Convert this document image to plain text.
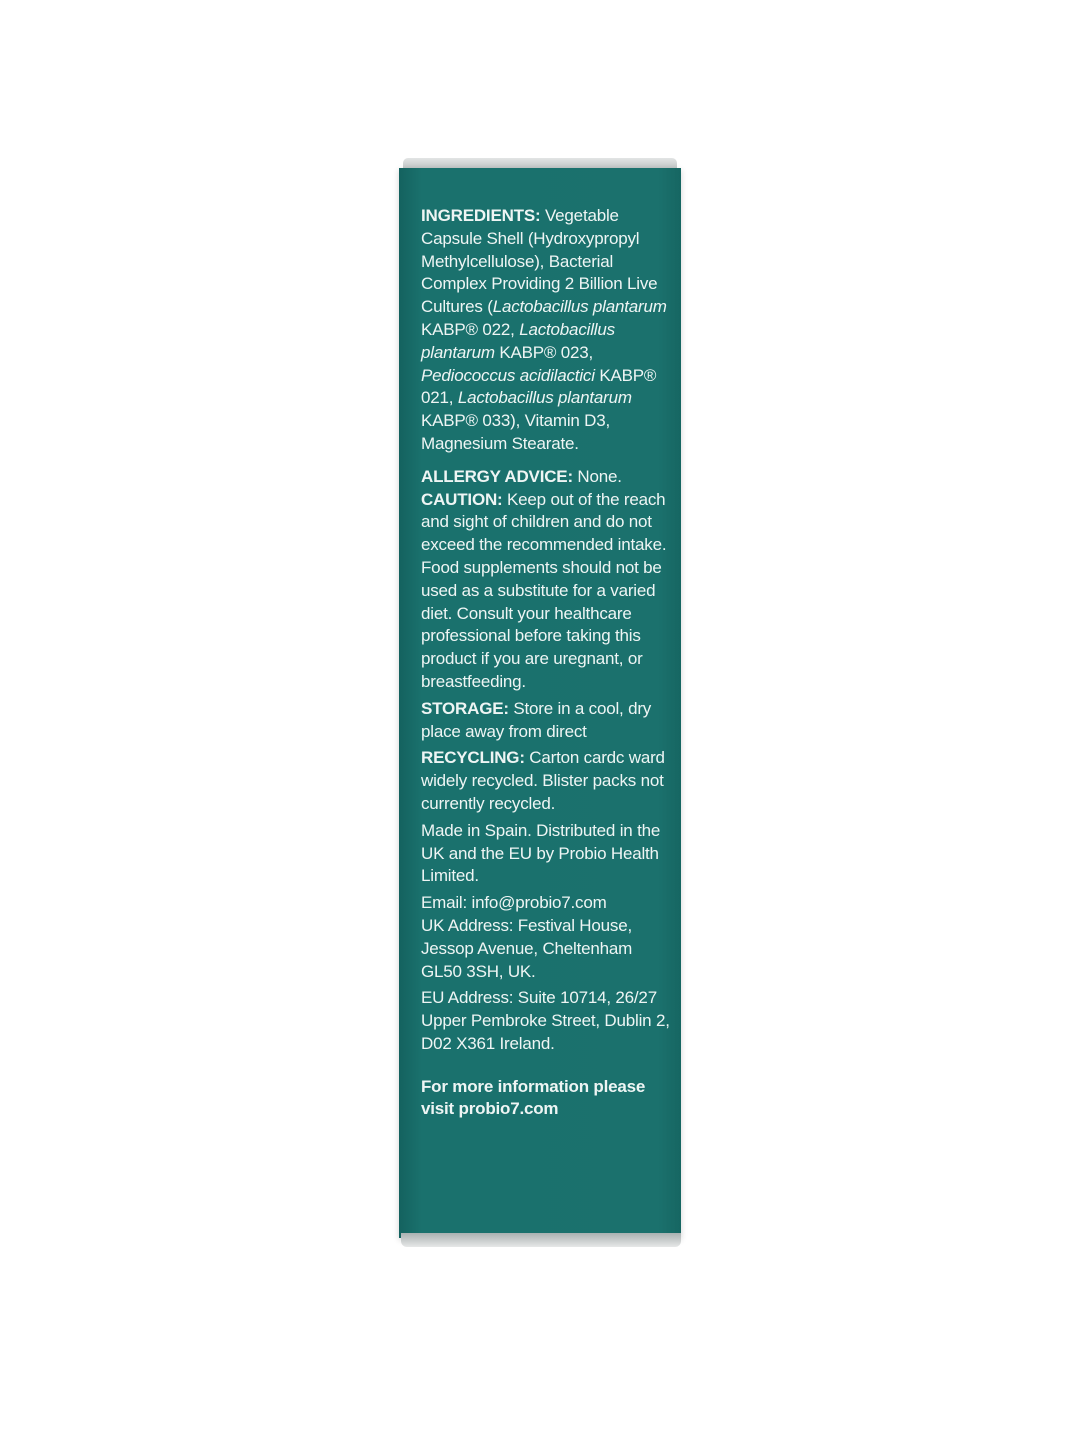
INGREDIENTS: Vegetable Capsule Shell (Hydroxypropyl Methylcellulose), Bacterial Complex Providing 2 Billion Live Cultures (Lactobacillus plantarum KABP® 022, Lactobacillus plantarum KABP® 023, Pediococcus acidilactici KABP® 021, Lactobacillus plantarum KABP® 033), Vitamin D3, Magnesium Stearate.

ALLERGY ADVICE: None.

CAUTION: Keep out of the reach and sight of children and do not exceed the recommended intake. Food supplements should not be used as a substitute for a varied diet. Consult your healthcare professional before taking this product if you are uregnant, or breastfeeding.

STORAGE: Store in a cool, dry place away from direct

RECYCLING: Carton cardc ward widely recycled. Blister packs not currently recycled.

Made in Spain. Distributed in the UK and the EU by Probio Health Limited.

Email: info@probio7.com

UK Address: Festival House, Jessop Avenue, Cheltenham GL50 3SH, UK.

EU Address: Suite 10714, 26/27 Upper Pembroke Street, Dublin 2, D02 X361 Ireland.

For more information please visit probio7.com
